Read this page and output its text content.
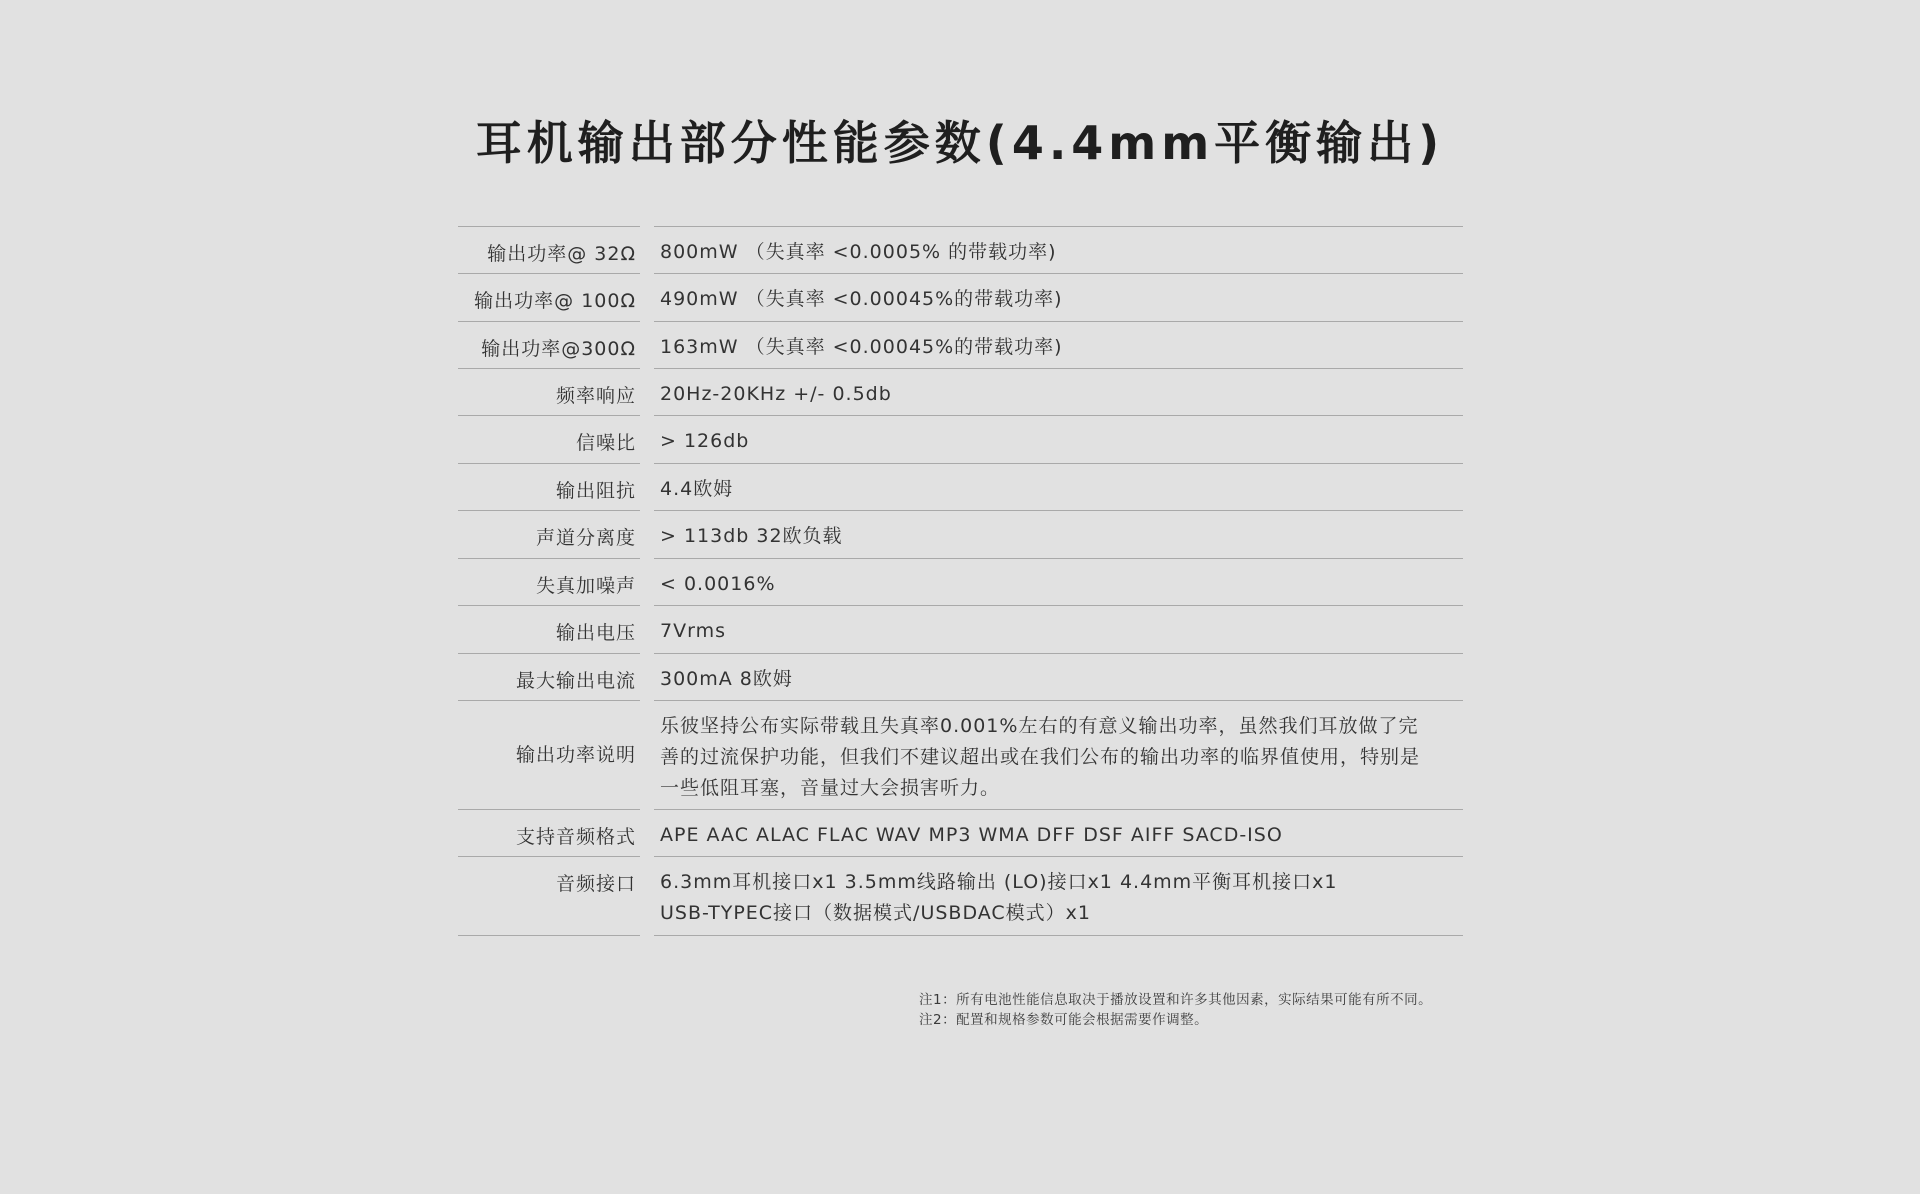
耳机输出部分性能参数(4.4mm平衡输出)
输出功率@ 32Ω 800mW （失真率 <0.0005% 的带载功率)
输出功率@ 100Ω 490mW （失真率 <0.00045%的带载功率)
输出功率@300Ω 163mW （失真率 <0.00045%的带载功率)
频率响应 20Hz-20KHz +/- 0.5db
信噪比 > 126db
输出阻抗 4.4欧姆
声道分离度 > 113db 32欧负载
失真加噪声 < 0.0016%
输出电压 7Vrms
最大输出电流 300mA 8欧姆
输出功率说明
乐彼坚持公布实际带载且失真率0.001%左右的有意义输出功率，虽然我们耳放做了完
善的过流保护功能，但我们不建议超出或在我们公布的输出功率的临界值使用，特别是
一些低阻耳塞，音量过大会损害听力。
支持音频格式 APE AAC ALAC FLAC WAV MP3 WMA DFF DSF AIFF SACD-ISO
音频接口 6.3mm耳机接口x1 3.5mm线路输出 (LO)接口x1 4.4mm平衡耳机接口x1
USB-TYPEC接口（数据模式/USBDAC模式）x1
注1：所有电池性能信息取决于播放设置和许多其他因素，实际结果可能有所不同。
注2：配置和规格参数可能会根据需要作调整。
